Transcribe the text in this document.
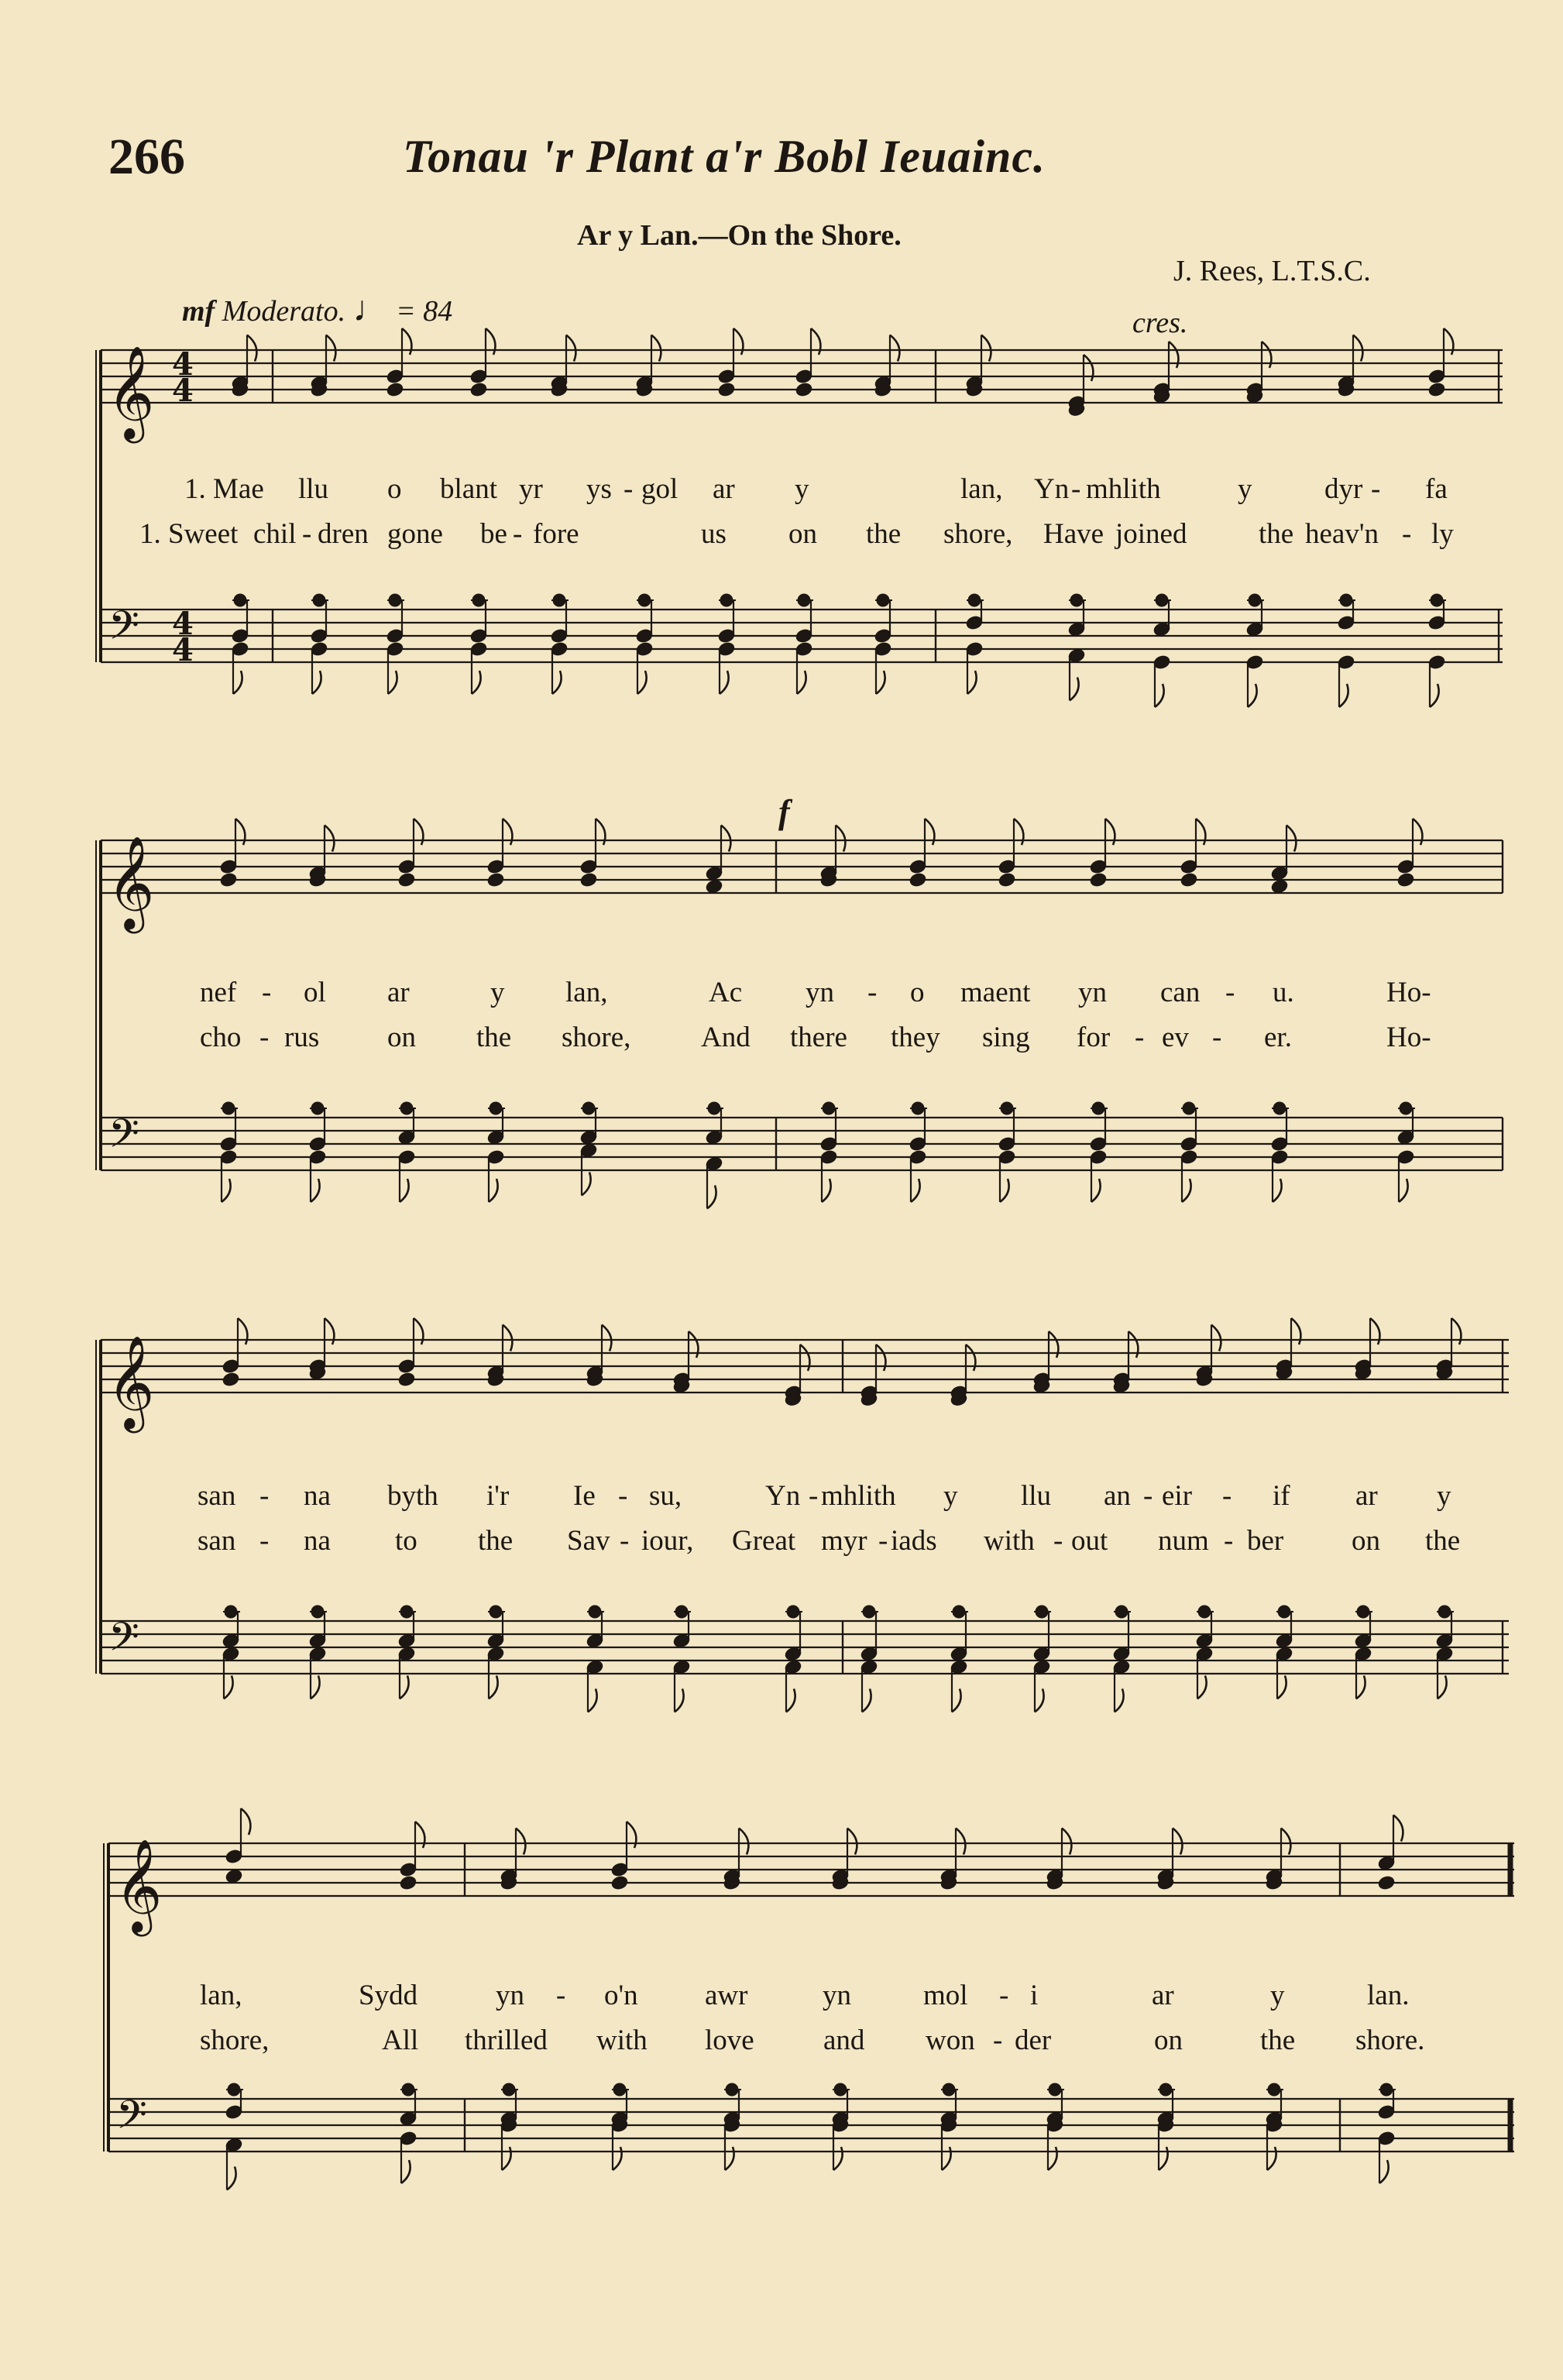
266	Tonau 'r Plant a'r Bobl Ieuainc.
Ar y Lan.—On the Shore.
J. Rees, L.T.S.C.
mf Moderato. ♩ = 84	cres.
f
𝄞
𝄢
4
4
4
4
𝄞
𝄢
𝄞
𝄢
𝄞
𝄢
1. Mae llu o blant yr ys - gol ar y	lan, Yn - mhlith	y	dyr - fa
1. Sweet chil - dren gone be - fore	us on the shore, Have joined	the heav'n - ly
nef - ol ar	y lan,	Ac yn - o maent yn can - u.	Ho-
cho - rus on the shore, And there they sing for - ev - er.	Ho-
san - na byth i'r Ie - su,	Yn - mhlith y llu an - eir - if ar y
san - na to the Sav - iour, Great myr - iads with - out num - ber on the
lan,	Sydd	yn - o'n awr	yn	mol - i	ar	y	lan.
shore,	All thrilled with love and won - der	on	the shore.
